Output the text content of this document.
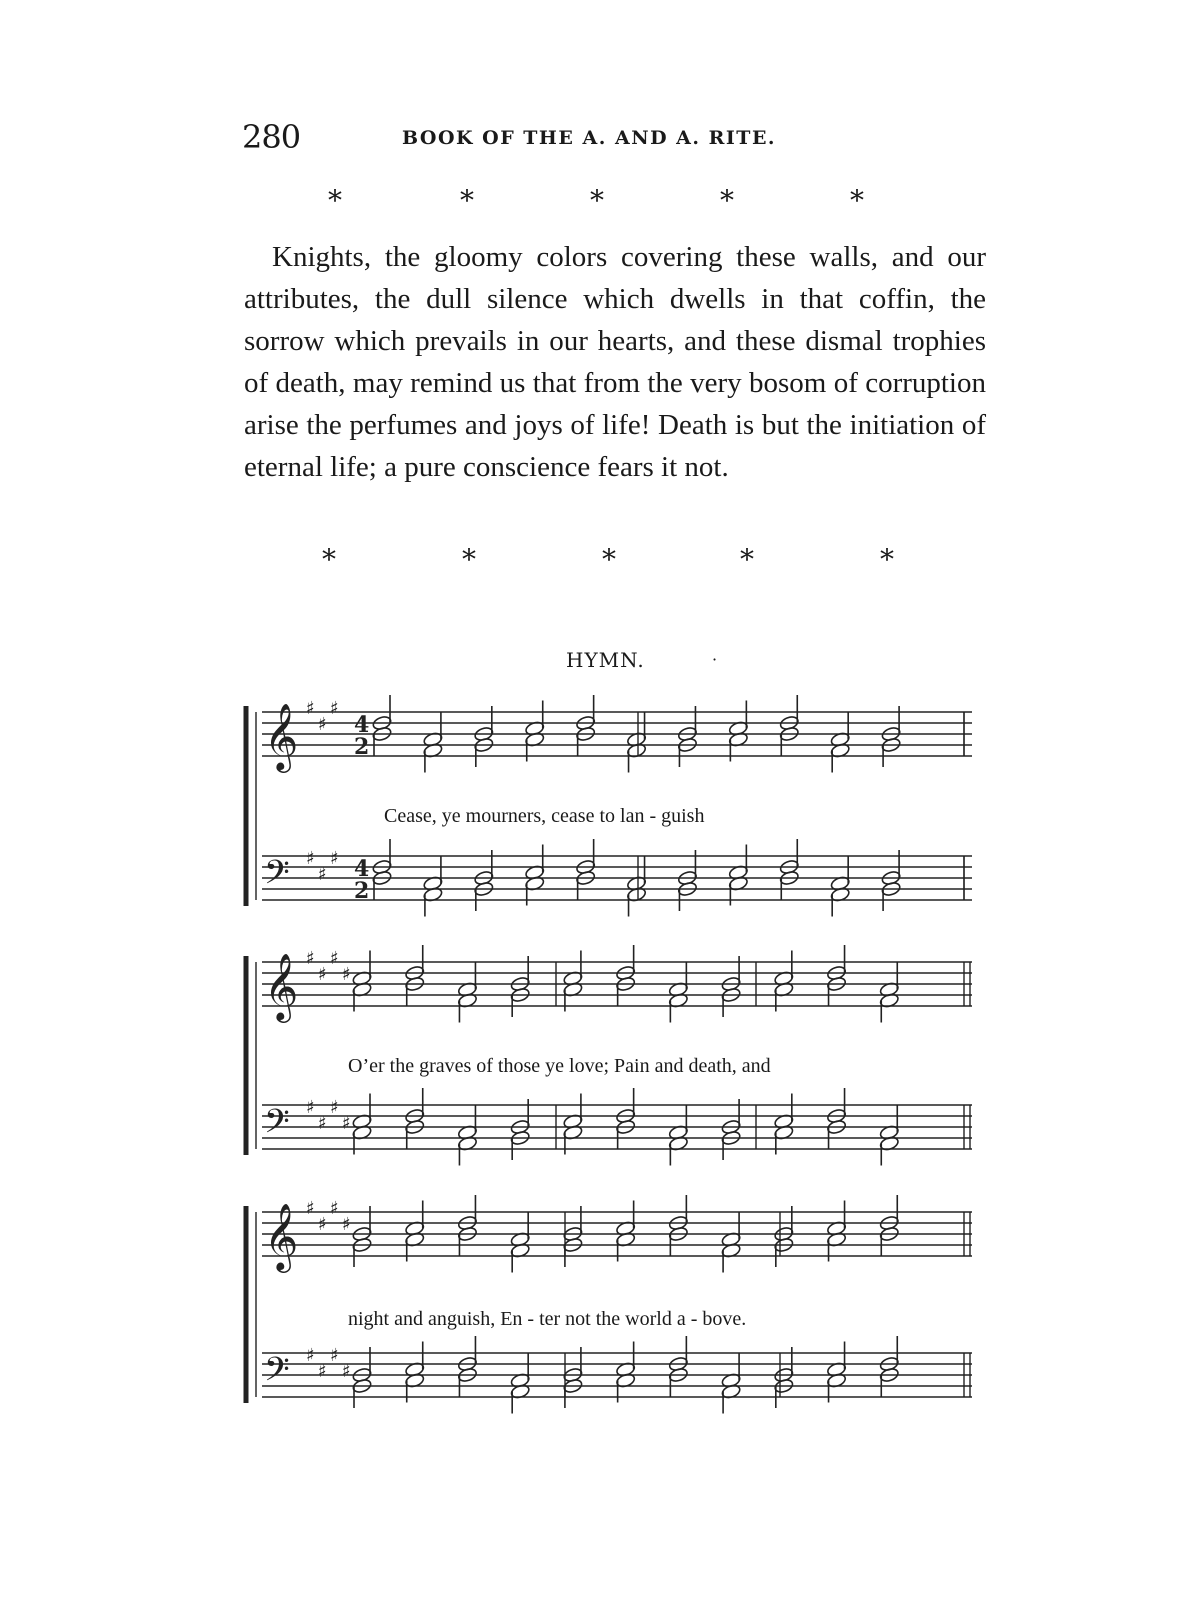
280	BOOK OF THE A. AND A. RITE.
*	*	*	*	*
Knights, the gloomy colors covering these walls, and our attributes, the dull silence which dwells in that coffin, the sorrow which prevails in our hearts, and these dismal trophies of death, may remind us that from the very bosom of corruption arise the perfumes and joys of life! Death is but the initiation of eternal life; a pure conscience fears it not.
*	*	*	*	*
HYMN.	·
𝄞 ♯
♯
♯
4
2
𝄢 ♯
♯
♯ 4
2
𝄞 ♯
♯
♯
♯
𝄢 ♯
♯
♯
♯
𝄞 ♯
♯
♯
♯
𝄢 ♯
♯
♯
♯
Cease, ye mourners, cease to lan - guish
O’er the graves of those ye love; Pain and death, and
night and anguish, En - ter not the world a - bove.
